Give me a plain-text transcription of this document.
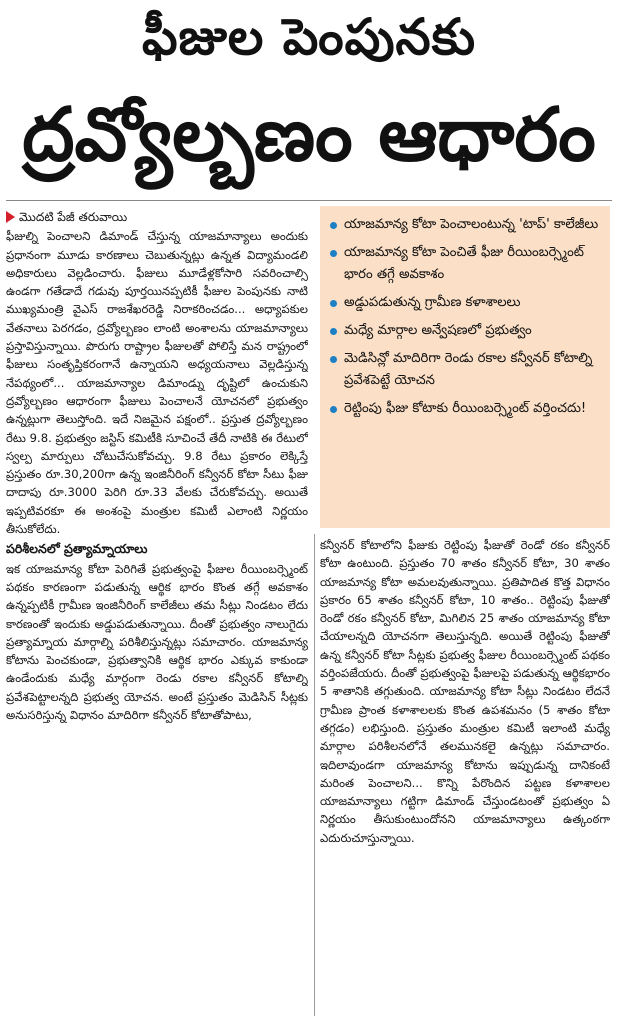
ఫీజుల పెంపునకు
ద్రవ్యోల్బణం ఆధారం
మొదటి పేజీ తరువాయి

ఫీజుల్ని పెంచాలని డిమాండ్ చేస్తున్న యాజమాన్యాలు అందుకు ప్రధానంగా మూడు కారణాలు చెబుతున్నట్లు ఉన్నత విద్యామండలి అధికారులు వెల్లడించారు. ఫీజులు మూడేళ్లకోసారి సవరించాల్సి ఉండగా గతేడాదే గడువు పూర్తయినప్పటికీ ఫీజుల పెంపునకు నాటి ముఖ్యమంత్రి వైఎస్ రాజశేఖరరెడ్డి నిరాకరించడం... అధ్యాపకుల వేతనాలు పెరగడం, ద్రవ్యోల్బణం లాంటి అంశాలను యాజమాన్యాలు ప్రస్తావిస్తున్నాయి. పొరుగు రాష్ట్రాల ఫీజులతో పోలిస్తే మన రాష్ట్రంలో ఫీజులు సంతృప్తికరంగానే ఉన్నాయని అధ్యయనాలు వెల్లడిస్తున్న నేపథ్యంలో... యాజమాన్యాల డిమాండ్ను దృష్టిలో ఉంచుకుని ద్రవ్యోల్బణం ఆధారంగా ఫీజులు పెంచాలనే యోచనలో ప్రభుత్వం ఉన్నట్లుగా తెలుస్తోంది. ఇదే నిజమైన పక్షంలో.. ప్రస్తుత ద్రవ్యోల్బణం రేటు 9.8. ప్రభుత్వం జస్టిస్ కమిటీకి సూచించే తేదీ నాటికి ఈ రేటులో స్వల్ప మార్పులు చోటుచేసుకోవచ్చు. 9.8 రేటు ప్రకారం లెక్కిస్తే ప్రస్తుతం రూ.30,200గా ఉన్న ఇంజినీరింగ్ కన్వీనర్ కోటా సీటు ఫీజు దాదాపు రూ.3000 పెరిగి రూ.33 వేలకు చేరుకోవచ్చు. అయితే ఇప్పటివరకూ ఈ అంశంపై మంత్రుల కమిటీ ఎలాంటి నిర్ణయం తీసుకోలేదు.

పరిశీలనలో ప్రత్యామ్నాయాలు

ఇక యాజమాన్య కోటా పెరిగితే ప్రభుత్వంపై ఫీజుల రీయింబర్స్మెంట్ పథకం కారణంగా పడుతున్న ఆర్థిక భారం కొంత తగ్గే అవకాశం ఉన్నప్పటికీ గ్రామీణ ఇంజినీరింగ్ కాలేజీలు తమ సీట్లు నిండటం లేదు కారణంతో ఇందుకు అడ్డుపడుతున్నాయి. దీంతో ప్రభుత్వం నాలుగైదు ప్రత్యామ్నాయ మార్గాల్ని పరిశీలిస్తున్నట్లు సమాచారం. యాజమాన్య కోటాను పెంచకుండా, ప్రభుత్వానికి ఆర్థిక భారం ఎక్కువ కాకుండా ఉండేందుకు మధ్యే మార్గంగా రెండు రకాల కన్వీనర్ కోటాల్ని ప్రవేశపెట్టాలన్నది ప్రభుత్వ యోచన. అంటే ప్రస్తుతం మెడిసిన్ సీట్లకు అనుసరిస్తున్న విధానం మాదిరిగా కన్వీనర్ కోటాతోపాటు,

యాజమాన్య కోటా పెంచాలంటున్న 'టాప్' కాలేజీలు
యాజమాన్య కోటా పెంచితే ఫీజు రీయింబర్స్మెంట్ భారం తగ్గే అవకాశం
అడ్డుపడుతున్న గ్రామీణ కళాశాలలు
మధ్యే మార్గాల అన్వేషణలో ప్రభుత్వం
మెడిసిన్లో మాదిరిగా రెండు రకాల కన్వీనర్ కోటాల్ని ప్రవేశపెట్టే యోచన
రెట్టింపు ఫీజు కోటాకు రీయింబర్స్మెంట్ వర్తించదు!

కన్వీనర్ కోటాలోని ఫీజుకు రెట్టింపు ఫీజుతో రెండో రకం కన్వీనర్ కోటా ఉంటుంది. ప్రస్తుతం 70 శాతం కన్వీనర్ కోటా, 30 శాతం యాజమాన్య కోటా అమలవుతున్నాయి. ప్రతిపాదిత కొత్త విధానం ప్రకారం 65 శాతం కన్వీనర్ కోటా, 10 శాతం.. రెట్టింపు ఫీజుతో రెండో రకం కన్వీనర్ కోటా, మిగిలిన 25 శాతం యాజమాన్య కోటా చేయాలన్నది యోచనగా తెలుస్తున్నది. అయితే రెట్టింపు ఫీజుతో ఉన్న కన్వీనర్ కోటా సీట్లకు ప్రభుత్వ ఫీజుల రీయింబర్స్మెంట్ పథకం వర్తింపజేయరు. దీంతో ప్రభుత్వంపై ఫీజులపై పడుతున్న ఆర్థికభారం 5 శాతానికి తగ్గుతుంది. యాజమాన్య కోటా సీట్లు నిండటం లేదనే గ్రామీణ ప్రాంత కళాశాలలకు కొంత ఉపశమనం (5 శాతం కోటా తగ్గడం) లభిస్తుంది. ప్రస్తుతం మంత్రుల కమిటీ ఇలాంటి మధ్యే మార్గాల పరిశీలనలోనే తలమునకలై ఉన్నట్లు సమాచారం. ఇదిలావుండగా యాజమాన్య కోటాను ఇప్పుడున్న దానికంటే మరింత పెంచాలని... కొన్ని పేరొందిన పట్టణ కళాశాలల యాజమాన్యాలు గట్టిగా డిమాండ్ చేస్తుండటంతో ప్రభుత్వం ఏ నిర్ణయం తీసుకుంటుందోనని యాజమాన్యాలు ఉత్కంఠగా ఎదురుచూస్తున్నాయి.
